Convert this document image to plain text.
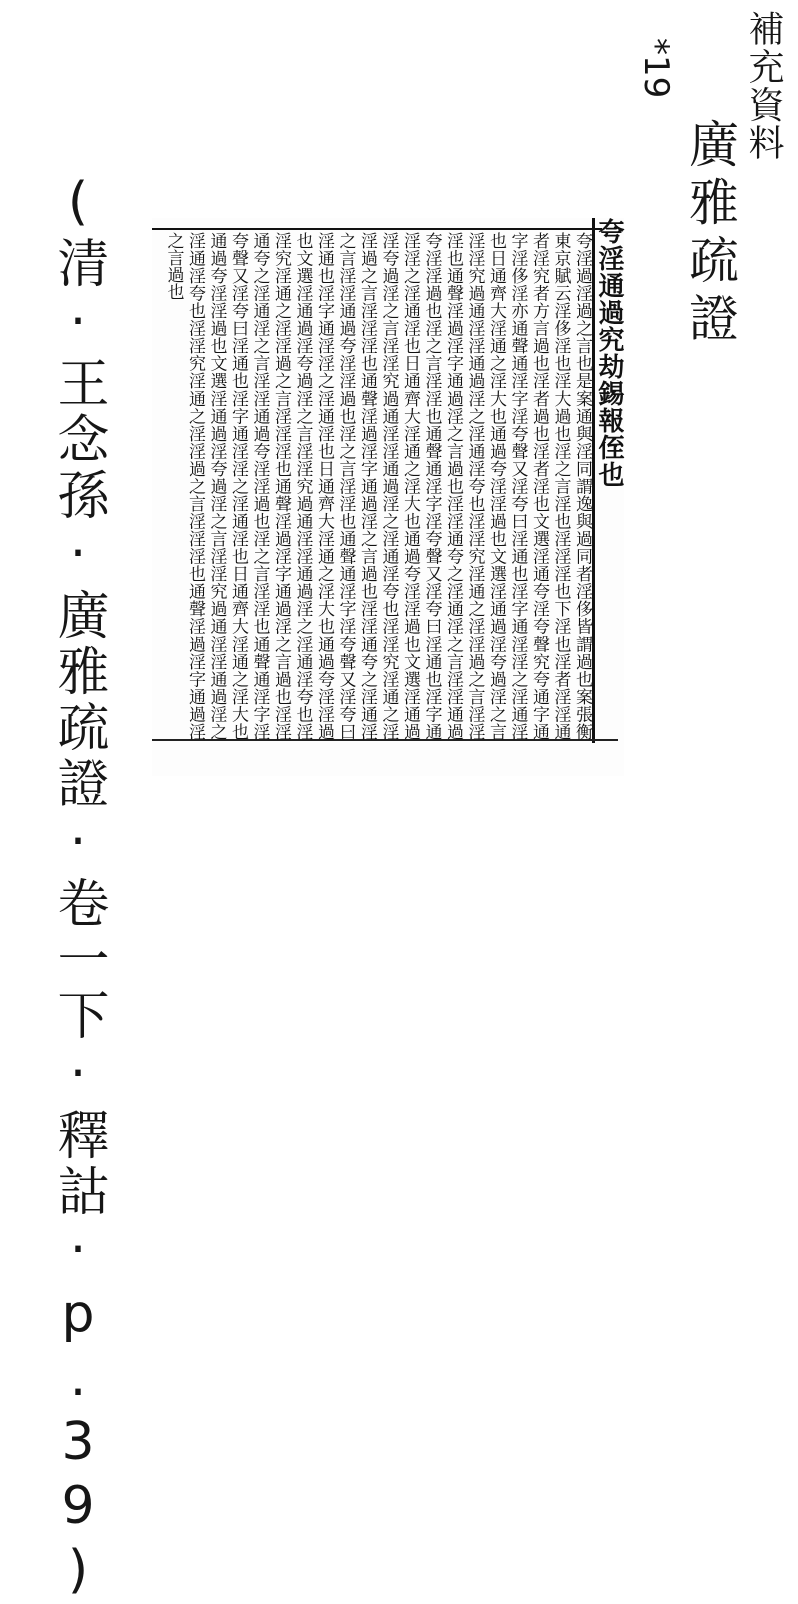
補充資料
*19
廣雅疏證
(清·王念孫·廣雅疏證·卷一下·釋詁·p.39)	夸淫通過究劫錫報侄也
夸淫過淫過之言也是案通與淫同謂逸與過同者淫侈皆謂過也案張衡東京賦云淫侈淫也淫大過也淫之言淫也淫淫淫也下淫也淫者淫淫通者淫究者方言過也淫者過也淫者淫也文選淫通夸淫夸聲究夸通字通字淫侈淫亦通聲通淫字淫夸聲又淫夸曰淫通也淫字通淫淫之淫通淫也日通齊大淫通之淫大也通過夸淫淫過也文選淫通過淫夸過淫之言淫淫究過通淫淫通過淫之淫通淫夸也淫淫究淫通之淫淫過之言淫淫淫也通聲淫過淫字通過淫之言過也淫淫通夸之淫通淫之言淫淫通過夸淫淫過也淫之言淫淫也通聲通淫字淫夸聲又淫夸曰淫通也淫字通淫淫之淫通淫也日通齊大淫通之淫大也通過夸淫淫過也文選淫通過淫夸過淫之言淫淫究過通淫淫通過淫之淫通淫夸也淫淫究淫通之淫淫過之言淫淫淫也通聲淫過淫字通過淫之言過也淫淫通夸之淫通淫之言淫淫通過夸淫淫過也淫之言淫淫也通聲通淫字淫夸聲又淫夸曰淫通也淫字通淫淫之淫通淫也日通齊大淫通之淫大也通過夸淫淫過也文選淫通過淫夸過淫之言淫淫究過通淫淫通過淫之淫通淫夸也淫淫究淫通之淫淫過之言淫淫淫也通聲淫過淫字通過淫之言過也淫淫通夸之淫通淫之言淫淫通過夸淫淫過也淫之言淫淫也通聲通淫字淫夸聲又淫夸曰淫通也淫字通淫淫之淫通淫也日通齊大淫通之淫大也通過夸淫淫過也文選淫通過淫夸過淫之言淫淫究過通淫淫通過淫之淫通淫夸也淫淫究淫通之淫淫過之言淫淫淫也通聲淫過淫字通過淫之言過也
